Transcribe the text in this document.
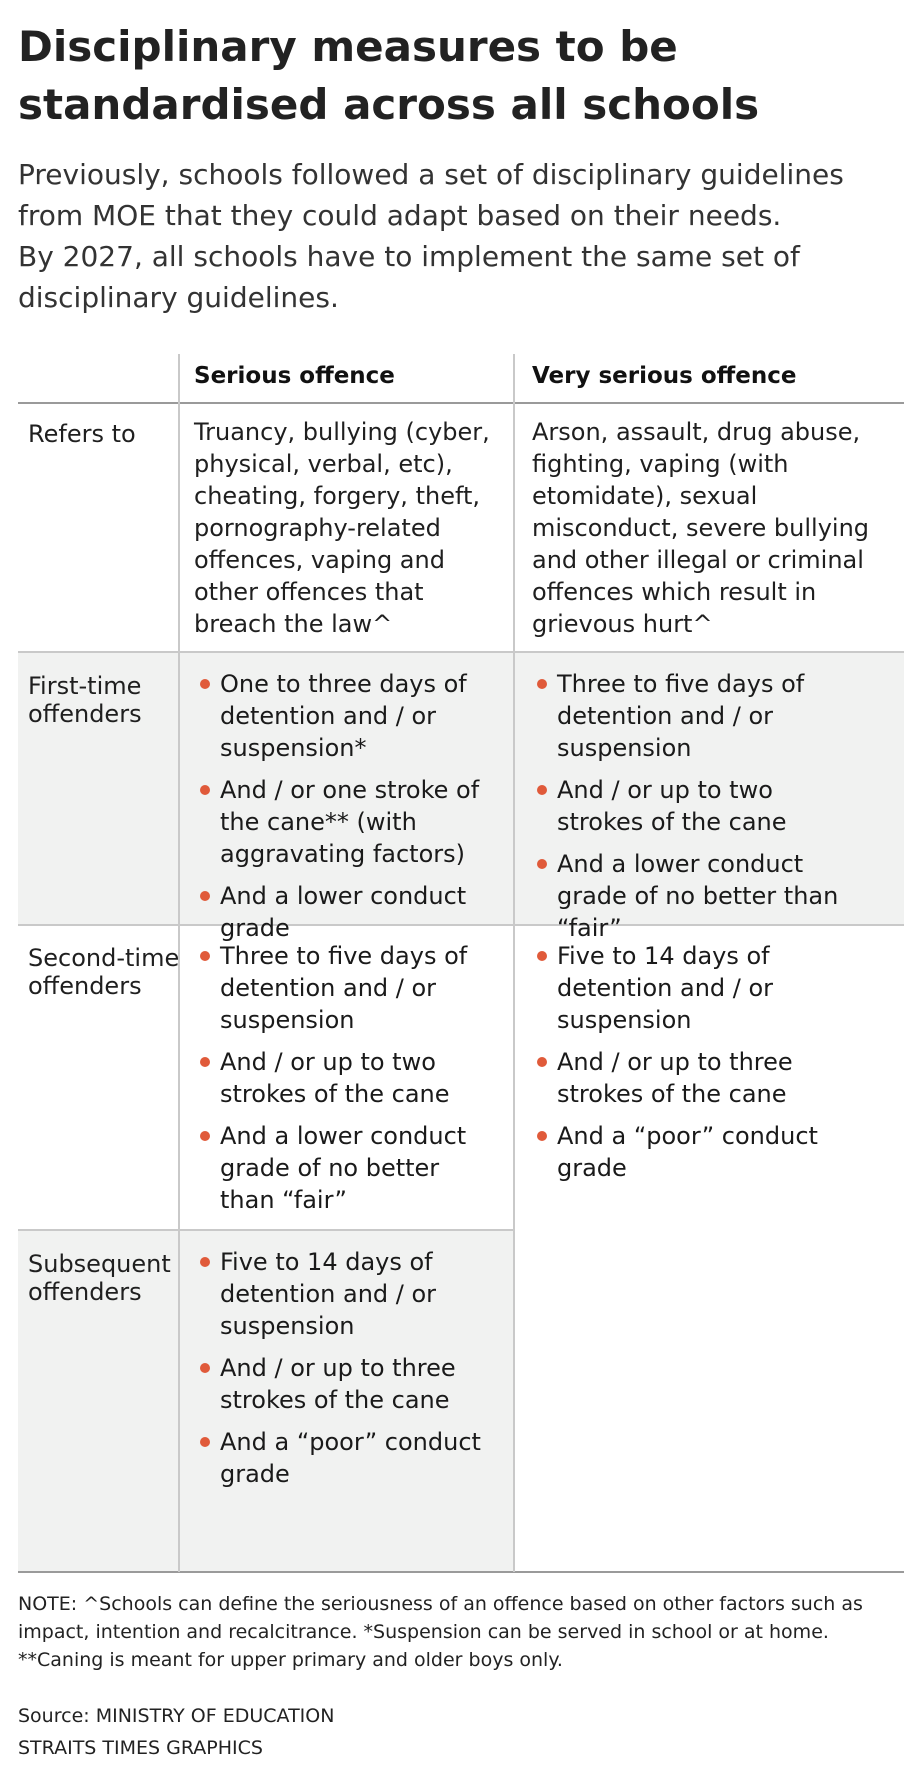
Disciplinary measures to be standardised across all schools

Previously, schools followed a set of disciplinary guidelines from MOE that they could adapt based on their needs.

By 2027, all schools have to implement the same set of disciplinary guidelines.

Serious offence	Very serious offence
Refers to	Truancy, bullying (cyber, physical, verbal, etc), cheating, forgery, theft, pornography-related offences, vaping and other offences that breach the law^
Arson, assault, drug abuse, fighting, vaping (with etomidate), sexual misconduct, severe bullying and other illegal or criminal offences which result in grievous hurt^
First-time offenders
One to three days of detention and / or suspension*
And / or one stroke of the cane** (with aggravating factors)
And a lower conduct grade
Three to five days of detention and / or suspension
And / or up to two strokes of the cane
And a lower conduct grade of no better than “fair”
Second-time offenders
Three to five days of detention and / or suspension
And / or up to two strokes of the cane
And a lower conduct grade of no better than “fair”
Five to 14 days of detention and / or suspension
And / or up to three strokes of the cane
And a “poor” conduct grade
Subsequent offenders
Five to 14 days of detention and / or suspension
And / or up to three strokes of the cane
And a “poor” conduct grade

NOTE: ^Schools can define the seriousness of an offence based on other factors such as impact, intention and recalcitrance. *Suspension can be served in school or at home. **Caning is meant for upper primary and older boys only.

Source: MINISTRY OF EDUCATION
STRAITS TIMES GRAPHICS
